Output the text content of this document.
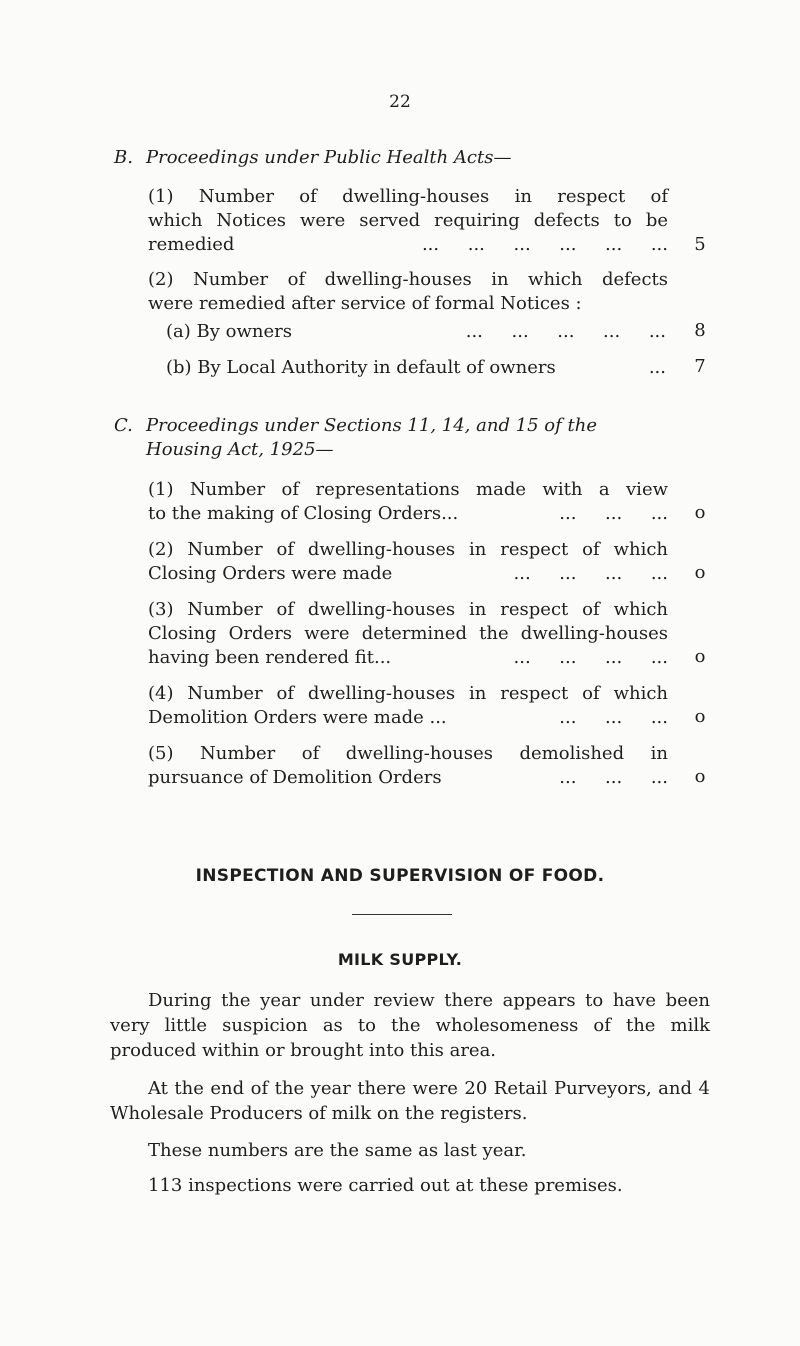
22
B. Proceedings under Public Health Acts—
(1) Number of dwelling-houses in respect of
which Notices were served requiring defects to be
remedied	...     ...     ...     ...     ...     ...	5
(2) Number of dwelling-houses in which defects
were remedied after service of formal Notices :
(a) By owners	...     ...     ...     ...     ...	8
(b) By Local Authority in default of owners	...	7
C. Proceedings under Sections 11, 14, and 15 of the
Housing Act, 1925—
(1) Number of representations made with a view
to the making of Closing Orders...	...     ...     ...	o
(2) Number of dwelling-houses in respect of which
Closing Orders were made	...     ...     ...     ...	o
(3) Number of dwelling-houses in respect of which
Closing Orders were determined the dwelling-houses
having been rendered fit...	...     ...     ...     ...	o
(4) Number of dwelling-houses in respect of which
Demolition Orders were made ...	...     ...     ...	o
(5) Number of dwelling-houses demolished in
pursuance of Demolition Orders	...     ...     ...	o
INSPECTION AND SUPERVISION OF FOOD.
MILK SUPPLY.
During the year under review there appears to have been very little suspicion as to the wholesomeness of the milk produced within or brought into this area.
At the end of the year there were 20 Retail Purveyors, and 4 Wholesale Producers of milk on the registers.
These numbers are the same as last year.
113 inspections were carried out at these premises.
